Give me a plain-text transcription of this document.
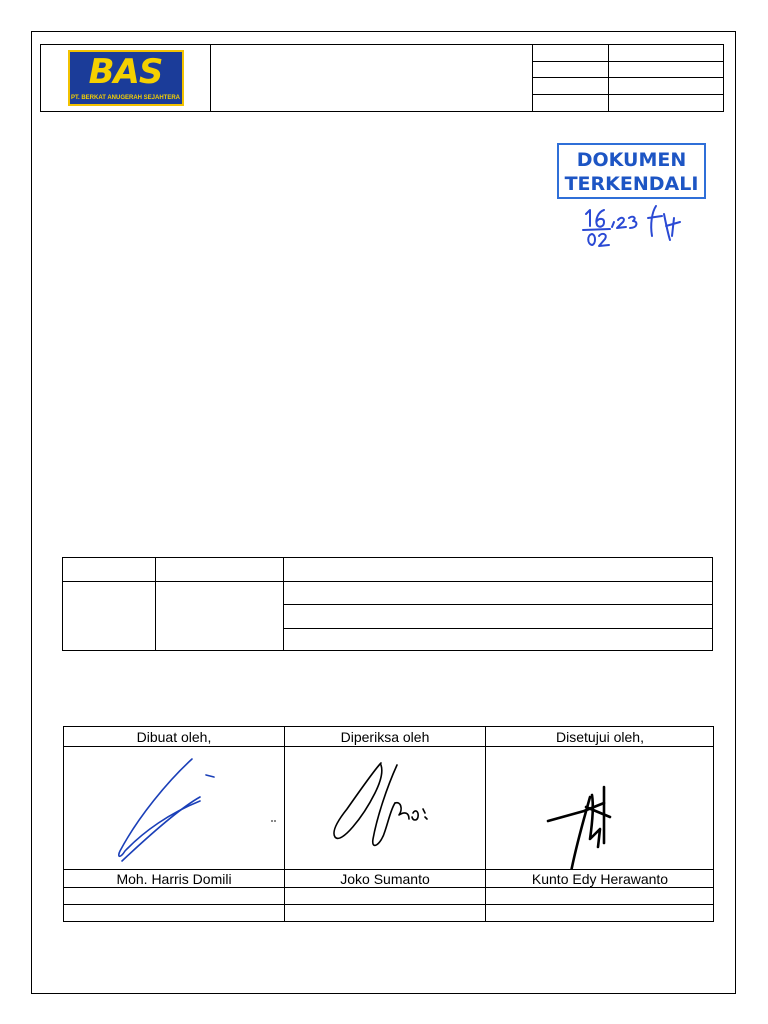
BAS
PT. BERKAT ANUGERAH SEJAHTERA
DOKUMEN
TERKENDALI
Dibuat oleh,	Diperiksa oleh	Disetujui oleh,
Moh. Harris Domili	Joko Sumanto	Kunto Edy Herawanto
